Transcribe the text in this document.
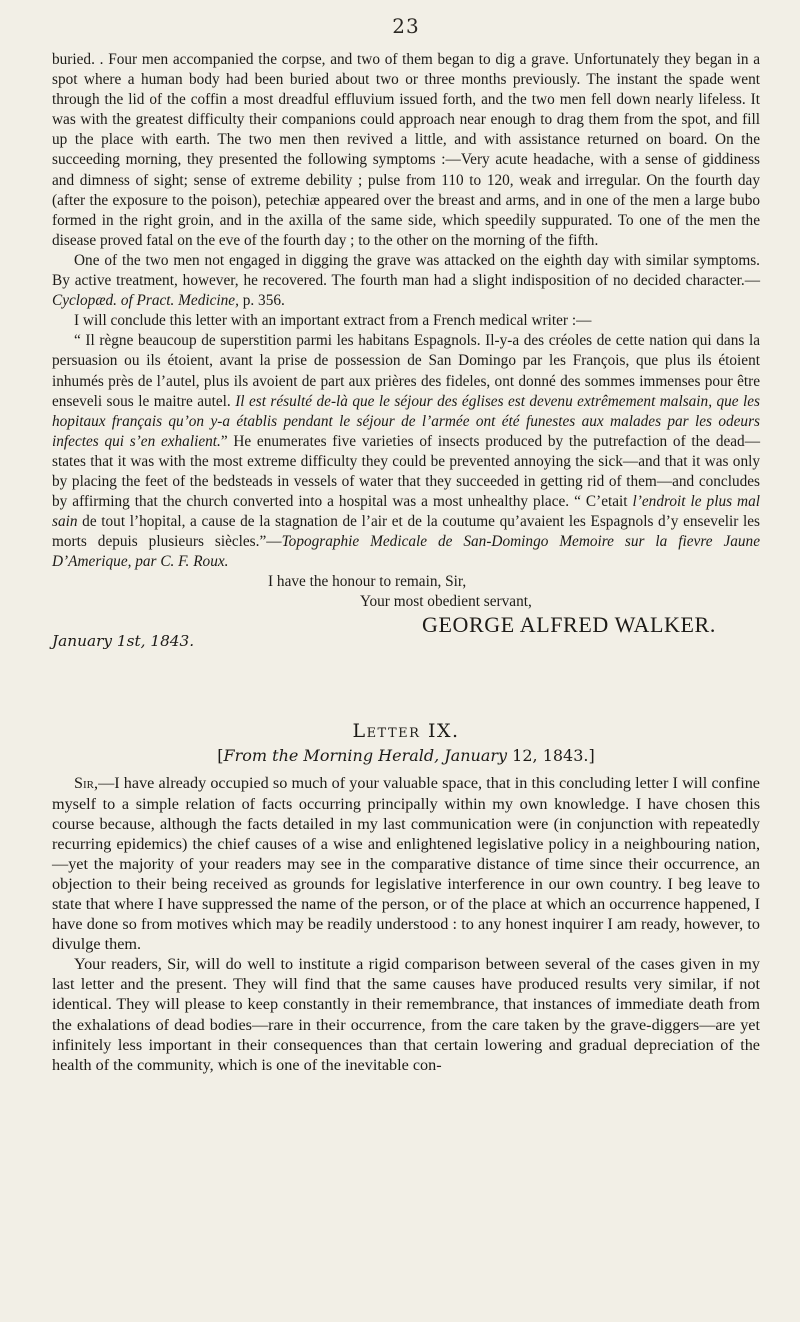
23

buried. . Four men accompanied the corpse, and two of them began to dig a grave. Unfortunately they began in a spot where a human body had been buried about two or three months previously. The instant the spade went through the lid of the coffin a most dreadful effluvium issued forth, and the two men fell down nearly lifeless. It was with the greatest difficulty their companions could approach near enough to drag them from the spot, and fill up the place with earth. The two men then revived a little, and with assistance returned on board. On the succeeding morning, they presented the following symptoms :—Very acute headache, with a sense of giddiness and dimness of sight; sense of extreme debility ; pulse from 110 to 120, weak and irregular. On the fourth day (after the exposure to the poison), petechiæ appeared over the breast and arms, and in one of the men a large bubo formed in the right groin, and in the axilla of the same side, which speedily suppurated. To one of the men the disease proved fatal on the eve of the fourth day ; to the other on the morning of the fifth.

One of the two men not engaged in digging the grave was attacked on the eighth day with similar symptoms. By active treatment, however, he recovered. The fourth man had a slight indisposition of no decided character.—Cyclopæd. of Pract. Medicine, p. 356.

I will conclude this letter with an important extract from a French medical writer :—

“ Il règne beaucoup de superstition parmi les habitans Espagnols. Il-y-a des créoles de cette nation qui dans la persuasion ou ils étoient, avant la prise de possession de San Domingo par les François, que plus ils étoient inhumés près de l’autel, plus ils avoient de part aux prières des fideles, ont donné des sommes immenses pour être enseveli sous le maitre autel. Il est résulté de-là que le séjour des églises est devenu extrêmement malsain, que les hopitaux français qu’on y-a établis pendant le séjour de l’armée ont été funestes aux malades par les odeurs infectes qui s’en exhalient.” He enumerates five varieties of insects produced by the putrefaction of the dead—states that it was with the most extreme difficulty they could be prevented annoying the sick—and that it was only by placing the feet of the bedsteads in vessels of water that they succeeded in getting rid of them—and concludes by affirming that the church converted into a hospital was a most unhealthy place. “ C’etait l’endroit le plus mal sain de tout l’hopital, a cause de la stagnation de l’air et de la coutume qu’avaient les Espagnols d’y ensevelir les morts depuis plusieurs siècles.”—Topographie Medicale de San-Domingo Memoire sur la fievre Jaune D’Amerique, par C. F. Roux.

I have the honour to remain, Sir,
Your most obedient servant,
GEORGE ALFRED WALKER.
January 1st, 1843.
Letter IX.
[From the Morning Herald, January 12, 1843.]

Sir,—I have already occupied so much of your valuable space, that in this concluding letter I will confine myself to a simple relation of facts occurring principally within my own knowledge. I have chosen this course because, although the facts detailed in my last communication were (in conjunction with repeatedly recurring epidemics) the chief causes of a wise and enlightened legislative policy in a neighbouring nation,—yet the majority of your readers may see in the comparative distance of time since their occurrence, an objection to their being received as grounds for legislative interference in our own country. I beg leave to state that where I have suppressed the name of the person, or of the place at which an occurrence happened, I have done so from motives which may be readily understood : to any honest inquirer I am ready, however, to divulge them.

Your readers, Sir, will do well to institute a rigid comparison between several of the cases given in my last letter and the present. They will find that the same causes have produced results very similar, if not identical. They will please to keep constantly in their remembrance, that instances of immediate death from the exhalations of dead bodies—rare in their occurrence, from the care taken by the grave-diggers—are yet infinitely less important in their consequences than that certain lowering and gradual depreciation of the health of the community, which is one of the inevitable con-
